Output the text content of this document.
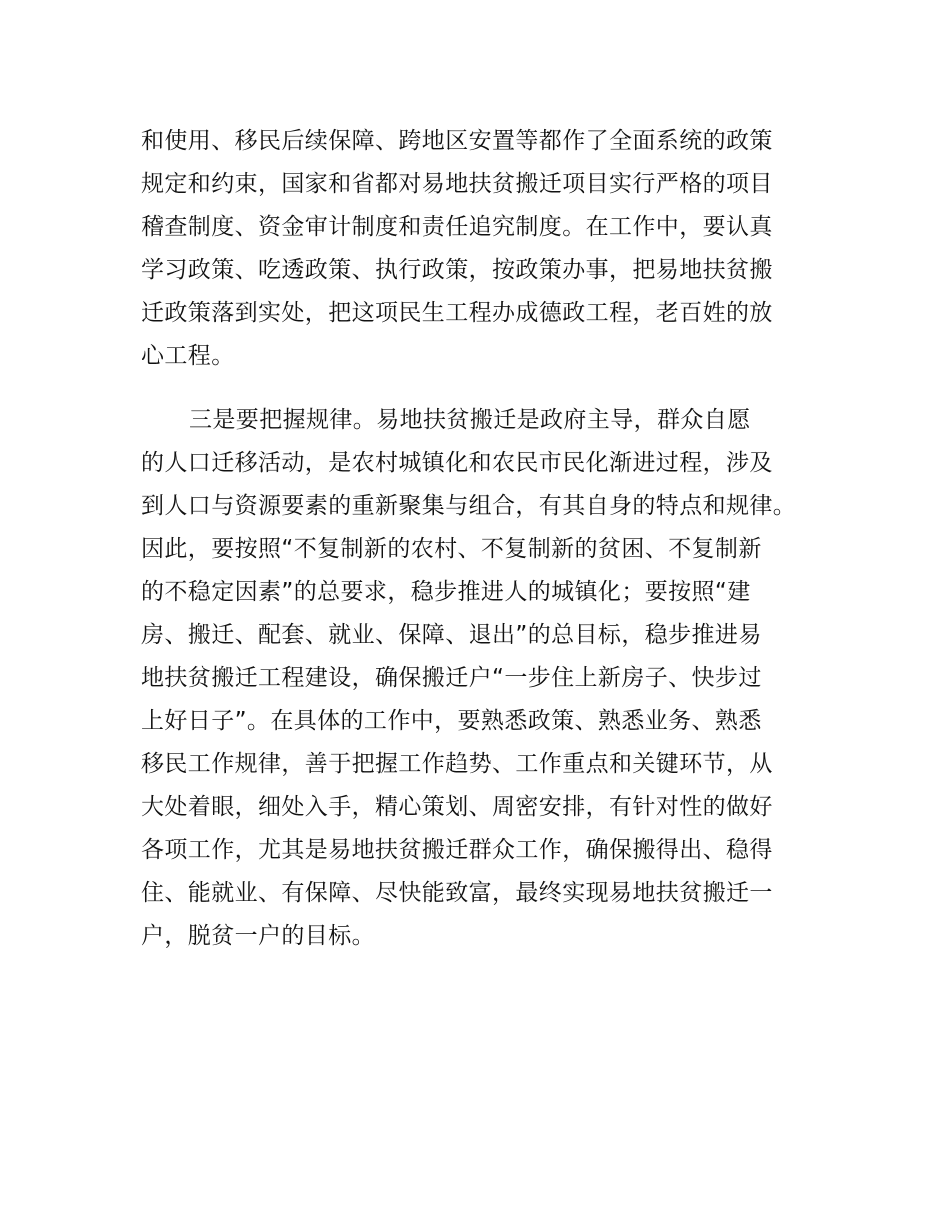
和使用、移民后续保障、跨地区安置等都作了全面系统的政策
规定和约束，国家和省都对易地扶贫搬迁项目实行严格的项目
稽查制度、资金审计制度和责任追究制度。在工作中，要认真
学习政策、吃透政策、执行政策，按政策办事，把易地扶贫搬
迁政策落到实处，把这项民生工程办成德政工程，老百姓的放
心工程。
三是要把握规律。易地扶贫搬迁是政府主导，群众自愿
的人口迁移活动，是农村城镇化和农民市民化渐进过程，涉及
到人口与资源要素的重新聚集与组合，有其自身的特点和规律。
因此，要按照“不复制新的农村、不复制新的贫困、不复制新
的不稳定因素”的总要求，稳步推进人的城镇化；要按照“建
房、搬迁、配套、就业、保障、退出”的总目标，稳步推进易
地扶贫搬迁工程建设，确保搬迁户“一步住上新房子、快步过
上好日子”。在具体的工作中，要熟悉政策、熟悉业务、熟悉
移民工作规律，善于把握工作趋势、工作重点和关键环节，从
大处着眼，细处入手，精心策划、周密安排，有针对性的做好
各项工作，尤其是易地扶贫搬迁群众工作，确保搬得出、稳得
住、能就业、有保障、尽快能致富，最终实现易地扶贫搬迁一
户，脱贫一户的目标。
